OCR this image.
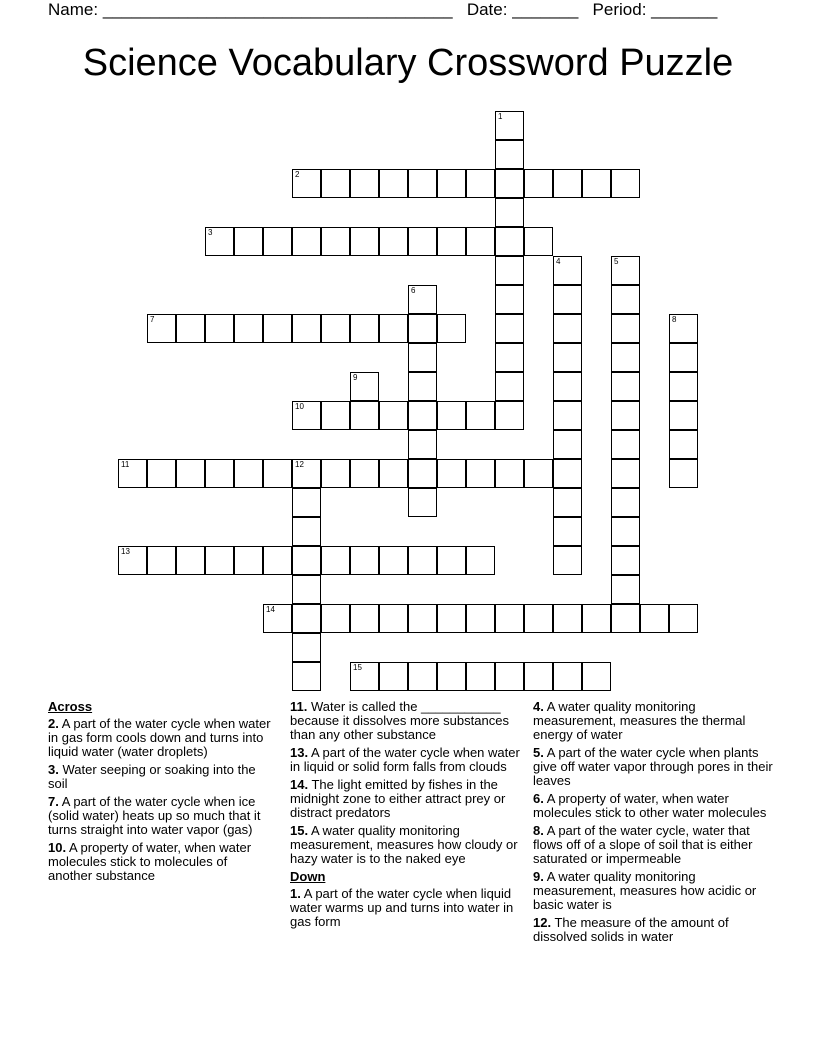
Name: _____________________________________ Date: _______ Period: _______
Science Vocabulary Crossword Puzzle
1
2
3
4	5
6
7	8
9
10
11	12
13
14
15
Across
2. A part of the water cycle when water in gas form cools down and turns into liquid water (water droplets)
3. Water seeping or soaking into the soil
7. A part of the water cycle when ice (solid water) heats up so much that it turns straight into water vapor (gas)
10. A property of water, when water molecules stick to molecules of another substance
11. Water is called the ___________ because it dissolves more substances than any other substance
13. A part of the water cycle when water in liquid or solid form falls from clouds
14. The light emitted by fishes in the midnight zone to either attract prey or distract predators
15. A water quality monitoring measurement, measures how cloudy or hazy water is to the naked eye
Down
1. A part of the water cycle when liquid water warms up and turns into water in gas form
4. A water quality monitoring measurement, measures the thermal energy of water
5. A part of the water cycle when plants give off water vapor through pores in their leaves
6. A property of water, when water molecules stick to other water molecules
8. A part of the water cycle, water that flows off of a slope of soil that is either saturated or impermeable
9. A water quality monitoring measurement, measures how acidic or basic water is
12. The measure of the amount of dissolved solids in water
